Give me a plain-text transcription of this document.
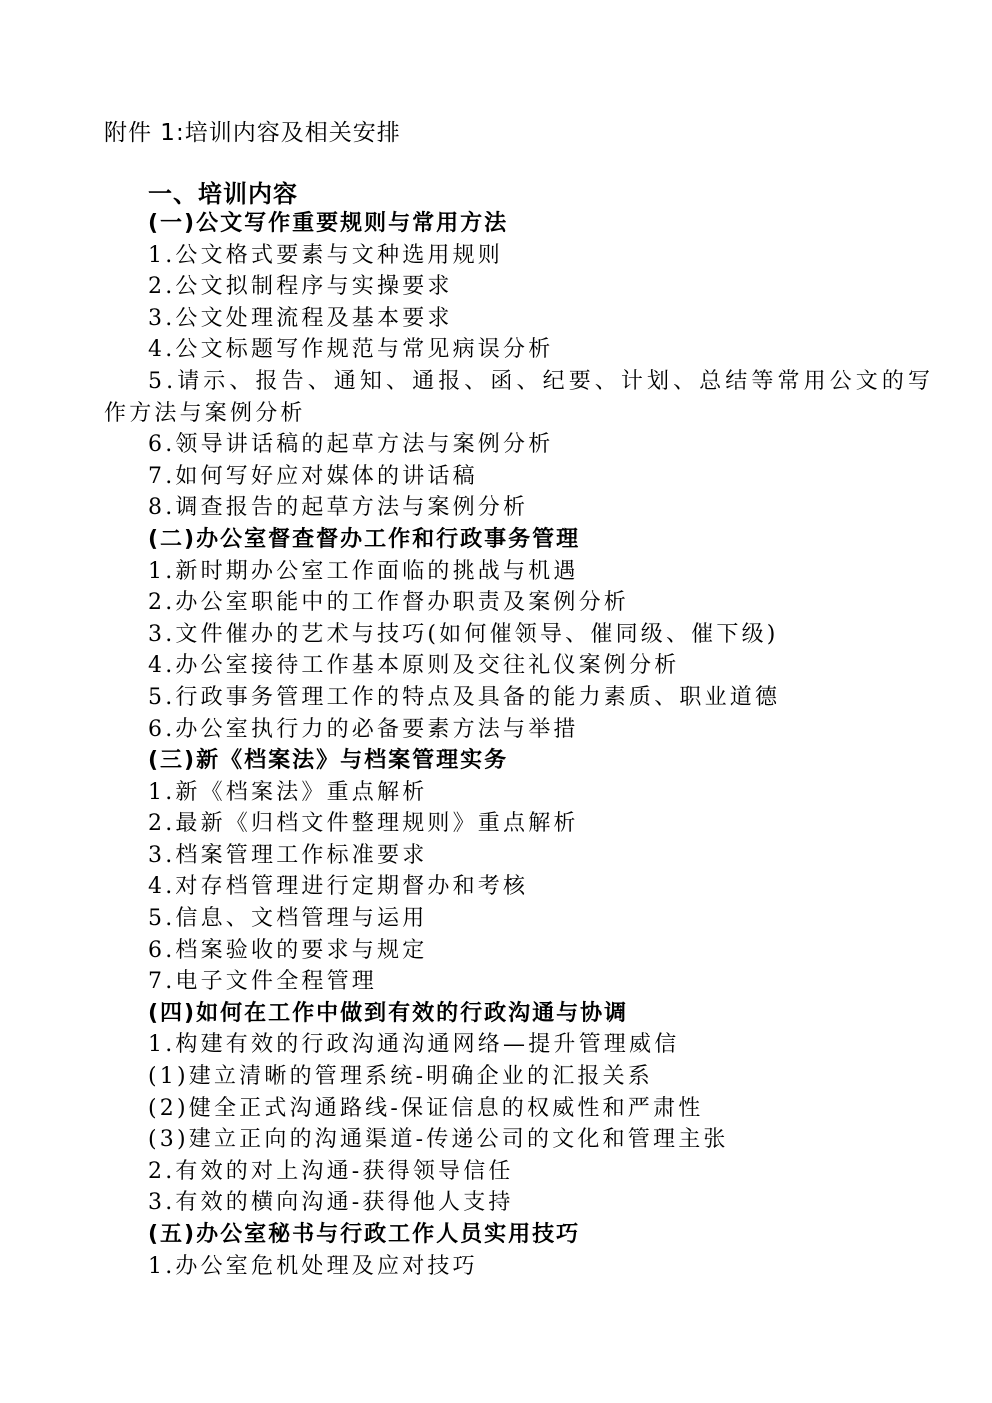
附件 1:培训内容及相关安排
一、培训内容
(一)公文写作重要规则与常用方法
1.公文格式要素与文种选用规则
2.公文拟制程序与实操要求
3.公文处理流程及基本要求
4.公文标题写作规范与常见病误分析
5.请示、报告、通知、通报、函、纪要、计划、总结等常用公文的写
作方法与案例分析
6.领导讲话稿的起草方法与案例分析
7.如何写好应对媒体的讲话稿
8.调查报告的起草方法与案例分析
(二)办公室督查督办工作和行政事务管理
1.新时期办公室工作面临的挑战与机遇
2.办公室职能中的工作督办职责及案例分析
3.文件催办的艺术与技巧(如何催领导、催同级、催下级)
4.办公室接待工作基本原则及交往礼仪案例分析
5.行政事务管理工作的特点及具备的能力素质、职业道德
6.办公室执行力的必备要素方法与举措
(三)新《档案法》与档案管理实务
1.新《档案法》重点解析
2.最新《归档文件整理规则》重点解析
3.档案管理工作标准要求
4.对存档管理进行定期督办和考核
5.信息、文档管理与运用
6.档案验收的要求与规定
7.电子文件全程管理
(四)如何在工作中做到有效的行政沟通与协调
1.构建有效的行政沟通沟通网络—提升管理威信
(1)建立清晰的管理系统-明确企业的汇报关系
(2)健全正式沟通路线-保证信息的权威性和严肃性
(3)建立正向的沟通渠道-传递公司的文化和管理主张
2.有效的对上沟通-获得领导信任
3.有效的横向沟通-获得他人支持
(五)办公室秘书与行政工作人员实用技巧
1.办公室危机处理及应对技巧
